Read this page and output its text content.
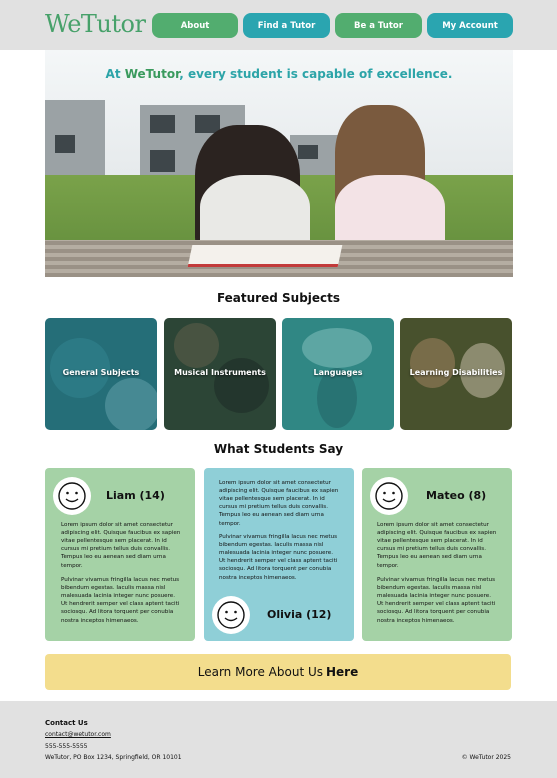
WeTutor	About	Find a Tutor	Be a Tutor	My Account
At WeTutor, every student is capable of excellence.
Featured Subjects
General Subjects	Musical Instruments	Languages	Learning Disabilities
What Students Say
Liam (14)
Lorem ipsum dolor sit amet consectetur adipiscing elit. Quisque faucibus ex sapien vitae pellentesque sem placerat. In id cursus mi pretium tellus duis convallis. Tempus leo eu aenean sed diam urna tempor.
Pulvinar vivamus fringilla lacus nec metus bibendum egestas. Iaculis massa nisl malesuada lacinia integer nunc posuere. Ut hendrerit semper vel class aptent taciti sociosqu. Ad litora torquent per conubia nostra inceptos himenaeos.
Lorem ipsum dolor sit amet consectetur adipiscing elit. Quisque faucibus ex sapien vitae pellentesque sem placerat. In id cursus mi pretium tellus duis convallis. Tempus leo eu aenean sed diam urna tempor.
Pulvinar vivamus fringilla lacus nec metus bibendum egestas. Iaculis massa nisl malesuada lacinia integer nunc posuere. Ut hendrerit semper vel class aptent taciti sociosqu. Ad litora torquent per conubia nostra inceptos himenaeos.
Olivia (12)
Mateo (8)
Lorem ipsum dolor sit amet consectetur adipiscing elit. Quisque faucibus ex sapien vitae pellentesque sem placerat. In id cursus mi pretium tellus duis convallis. Tempus leo eu aenean sed diam urna tempor.
Pulvinar vivamus fringilla lacus nec metus bibendum egestas. Iaculis massa nisl malesuada lacinia integer nunc posuere. Ut hendrerit semper vel class aptent taciti sociosqu. Ad litora torquent per conubia nostra inceptos himenaeos.
Learn More About Us Here
Contact Us
contact@wetutor.com
555-555-5555
WeTutor, PO Box 1234, Springfield, OR 10101	© WeTutor 2025
